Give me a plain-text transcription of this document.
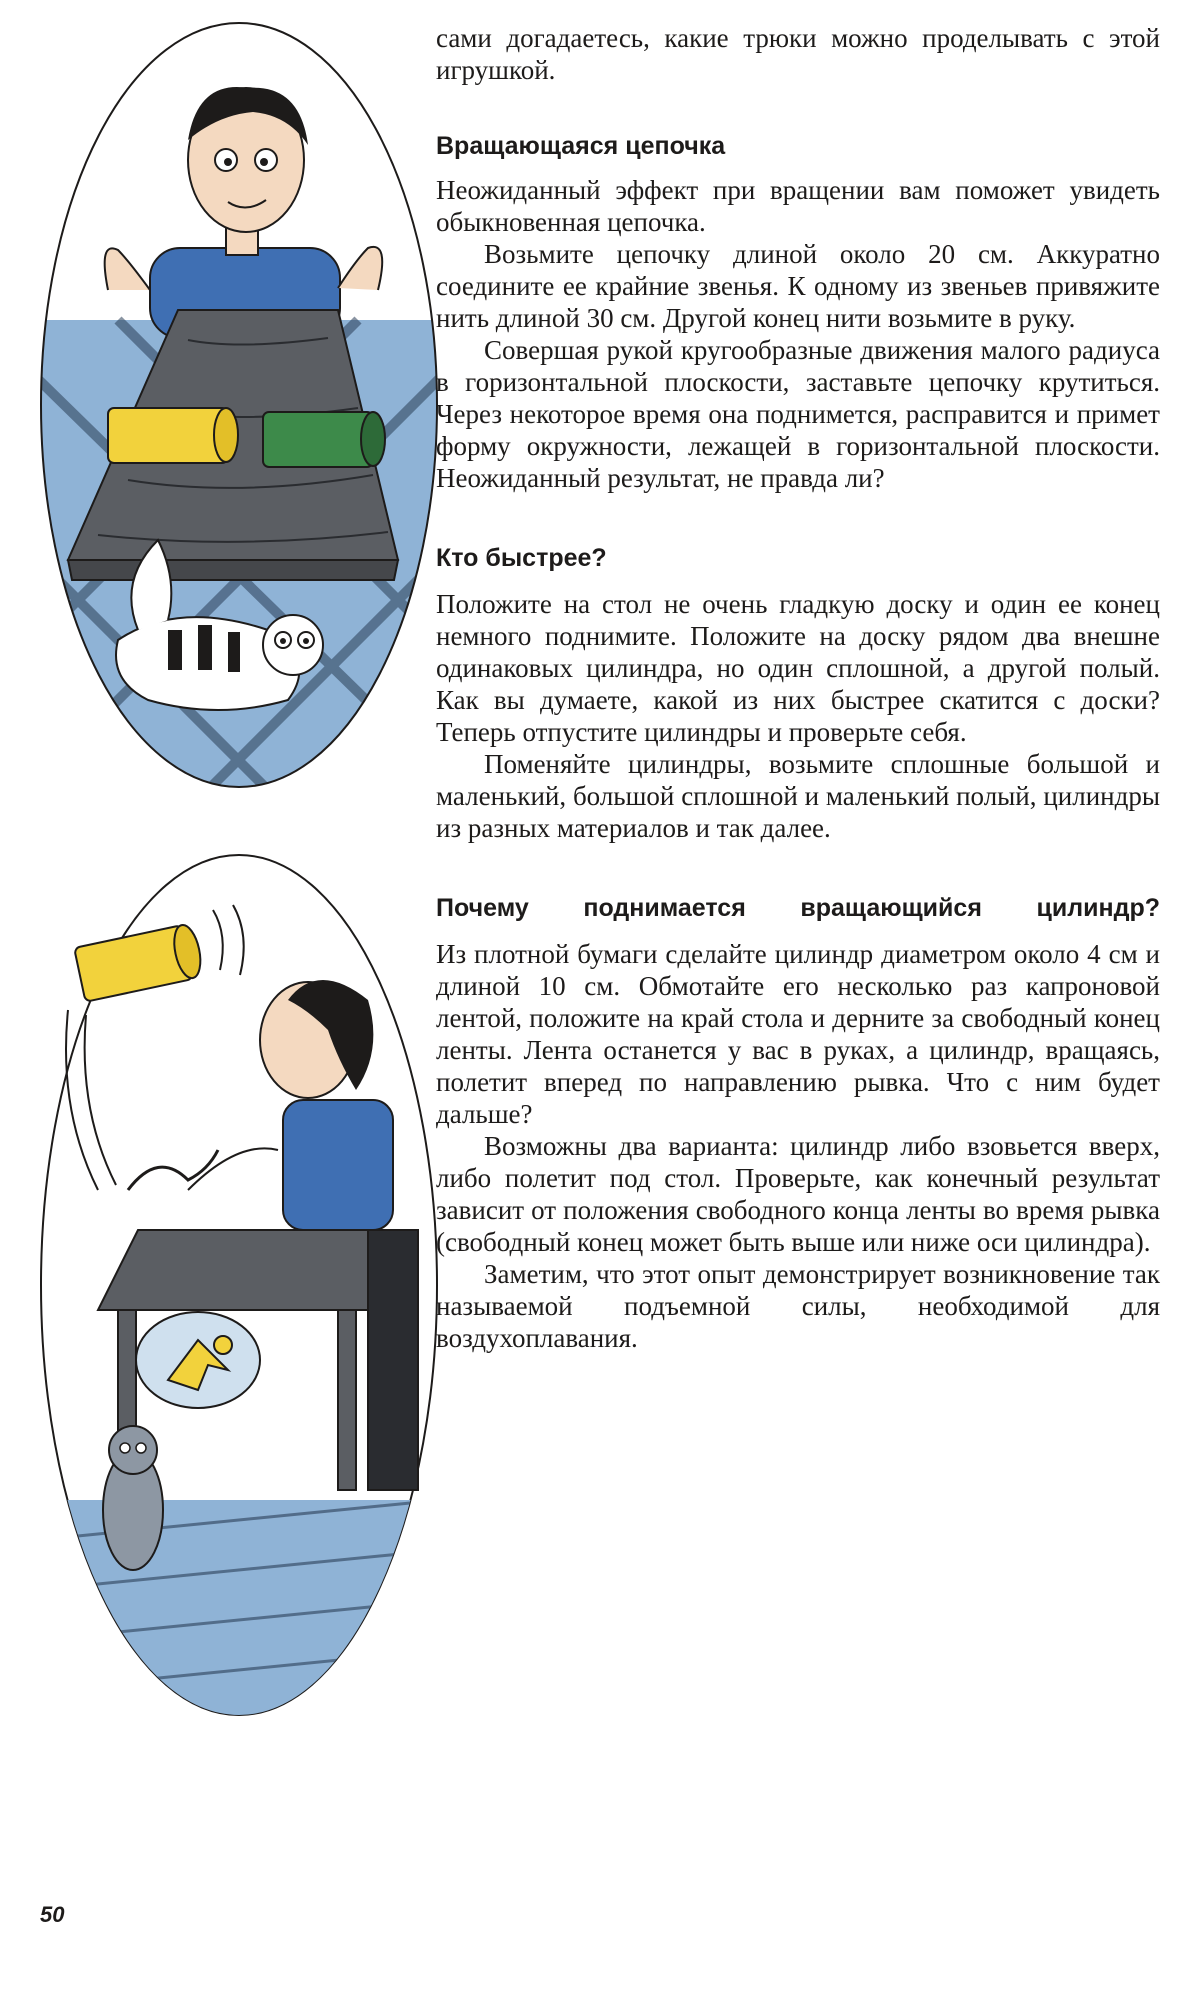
сами догадаетесь, какие трюки можно проделывать с этой игрушкой.

Вращающаяся цепочка

Неожиданный эффект при вращении вам поможет увидеть обыкновенная цепочка.

Возьмите цепочку длиной около 20 см. Аккуратно соедините ее крайние звенья. К одному из звеньев привяжите нить длиной 30 см. Другой конец нити возьмите в руку.

Совершая рукой кругообразные движения малого радиуса в горизонтальной плоскости, заставьте цепочку крутиться. Через некоторое время она поднимется, расправится и примет форму окружности, лежащей в горизонтальной плоскости. Неожиданный результат, не правда ли?

Кто быстрее?

Положите на стол не очень гладкую доску и один ее конец немного поднимите. Положите на доску рядом два внешне одинаковых цилиндра, но один сплошной, а другой полый. Как вы думаете, какой из них быстрее скатится с доски? Теперь отпустите цилиндры и проверьте себя.

Поменяйте цилиндры, возьмите сплошные большой и маленький, большой сплошной и маленький полый, цилиндры из разных материалов и так далее.

Почему поднимается вращающийся цилиндр?

Из плотной бумаги сделайте цилиндр диаметром около 4 см и длиной 10 см. Обмотайте его несколько раз капроновой лентой, положите на край стола и дерните за свободный конец ленты. Лента останется у вас в руках, а цилиндр, вращаясь, полетит вперед по направлению рывка. Что с ним будет дальше?

Возможны два варианта: цилиндр либо взовьется вверх, либо полетит под стол. Проверьте, как конечный результат зависит от положения свободного конца ленты во время рывка (свободный конец может быть выше или ниже оси цилиндра).

Заметим, что этот опыт демонстрирует возникновение так называемой подъемной силы, необходимой для воздухоплавания.

50
